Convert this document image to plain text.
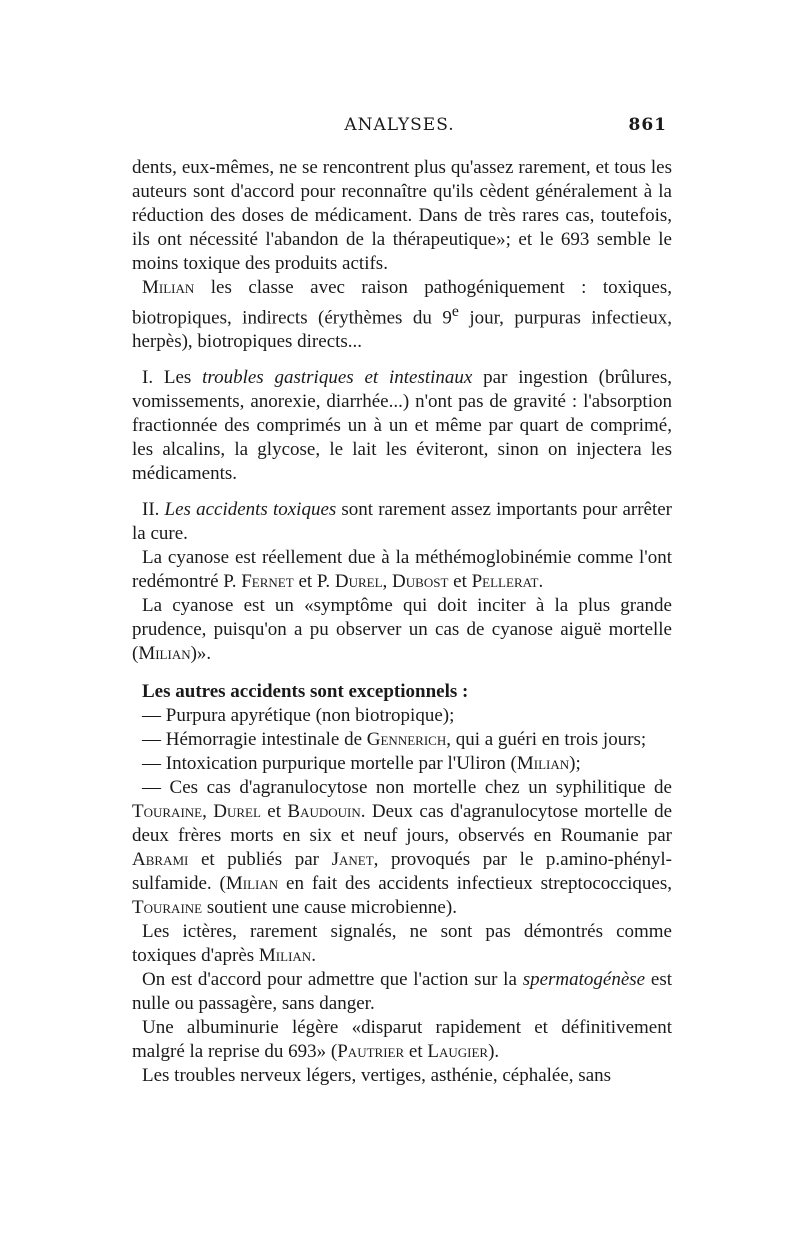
ANALYSES.	861

dents, eux-mêmes, ne se rencontrent plus qu'assez rarement, et tous les auteurs sont d'accord pour reconnaître qu'ils cèdent généralement à la réduction des doses de médicament. Dans de très rares cas, toutefois, ils ont nécessité l'abandon de la thérapeutique»; et le 693 semble le moins toxique des produits actifs.

Milian les classe avec raison pathogéniquement : toxiques, biotropiques, indirects (érythèmes du 9e jour, purpuras infectieux, herpès), biotropiques directs...

I. Les troubles gastriques et intestinaux par ingestion (brûlures, vomissements, anorexie, diarrhée...) n'ont pas de gravité : l'absorption fractionnée des comprimés un à un et même par quart de comprimé, les alcalins, la glycose, le lait les éviteront, sinon on injectera les médicaments.

II. Les accidents toxiques sont rarement assez importants pour arrêter la cure.

La cyanose est réellement due à la méthémoglobinémie comme l'ont redémontré P. Fernet et P. Durel, Dubost et Pellerat.

La cyanose est un «symptôme qui doit inciter à la plus grande prudence, puisqu'on a pu observer un cas de cyanose aiguë mortelle (Milian)».

Les autres accidents sont exceptionnels :

— Purpura apyrétique (non biotropique);

— Hémorragie intestinale de Gennerich, qui a guéri en trois jours;

— Intoxication purpurique mortelle par l'Uliron (Milian);

— Ces cas d'agranulocytose non mortelle chez un syphilitique de Touraine, Durel et Baudouin. Deux cas d'agranulocytose mortelle de deux frères morts en six et neuf jours, observés en Roumanie par Abrami et publiés par Janet, provoqués par le p.amino-phényl-sulfamide. (Milian en fait des accidents infectieux streptococciques, Touraine soutient une cause microbienne).

Les ictères, rarement signalés, ne sont pas démontrés comme toxiques d'après Milian.

On est d'accord pour admettre que l'action sur la spermatogénèse est nulle ou passagère, sans danger.

Une albuminurie légère «disparut rapidement et définitivement malgré la reprise du 693» (Pautrier et Laugier).

Les troubles nerveux légers, vertiges, asthénie, céphalée, sans
